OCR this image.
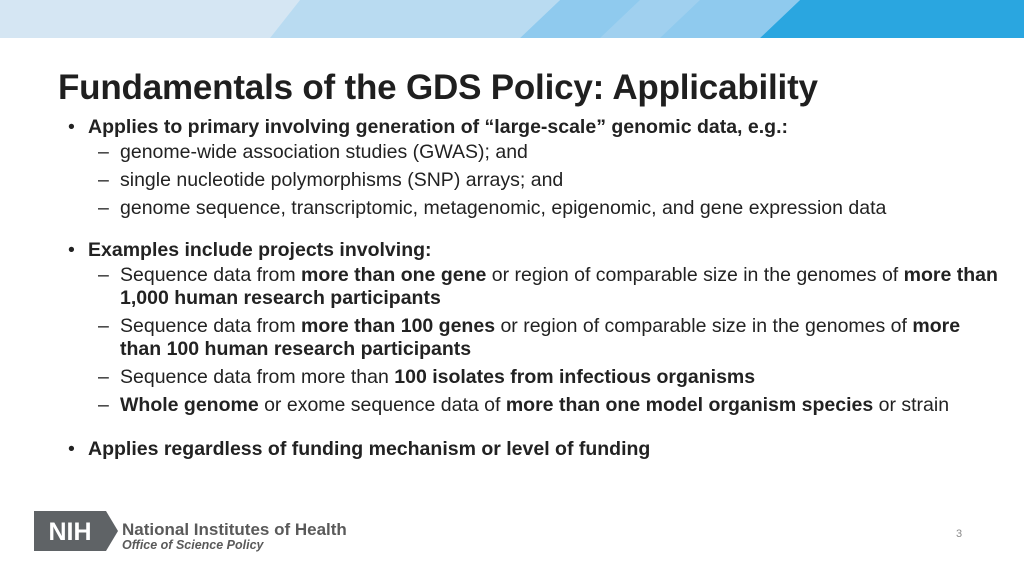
Fundamentals of the GDS Policy: Applicability
• Applies to primary involving generation of “large-scale” genomic data, e.g.:
– genome-wide association studies (GWAS); and
– single nucleotide polymorphisms (SNP) arrays; and
– genome sequence, transcriptomic, metagenomic, epigenomic, and gene expression data
• Examples include projects involving:
– Sequence data from more than one gene or region of comparable size in the genomes of more than 1,000 human research participants
– Sequence data from more than 100 genes or region of comparable size in the genomes of more than 100 human research participants
– Sequence data from more than 100 isolates from infectious organisms
– Whole genome or exome sequence data of more than one model organism species or strain
• Applies regardless of funding mechanism or level of funding
NIH National Institutes of Health
Office of Science Policy
3
